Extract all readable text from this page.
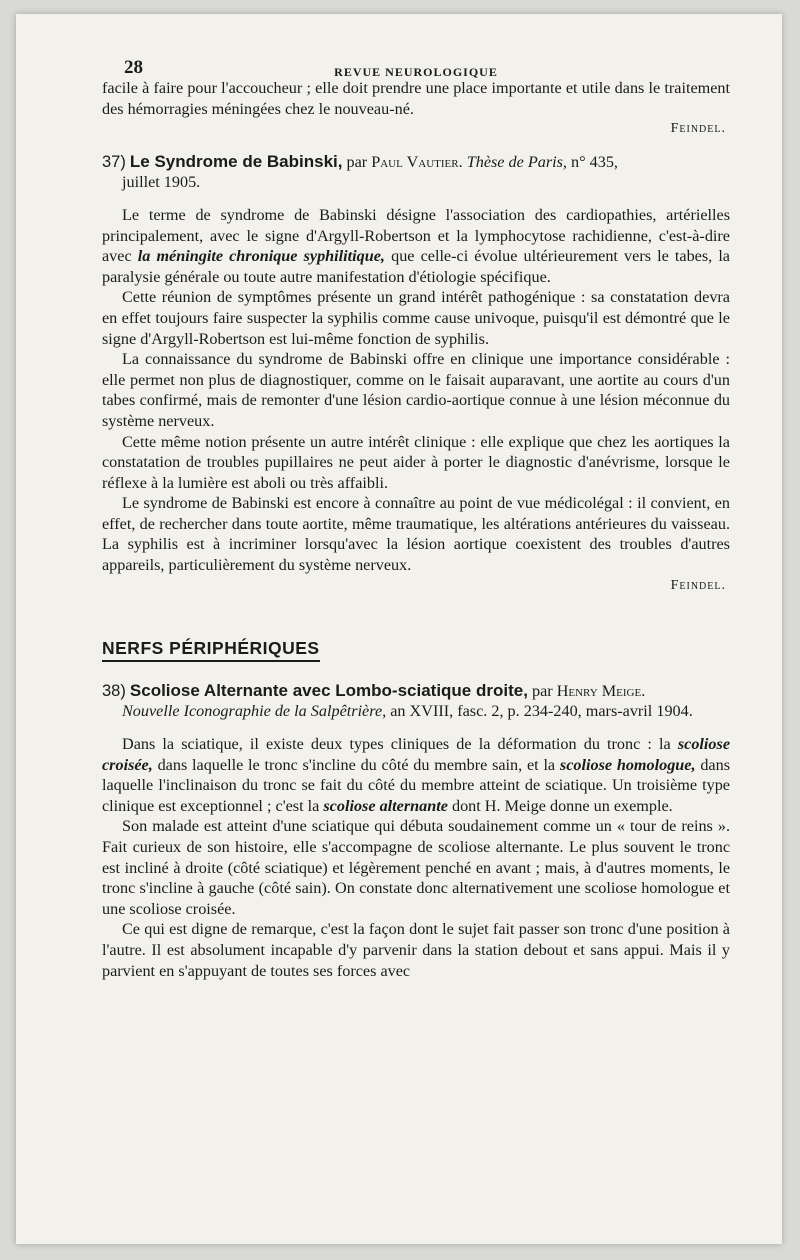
28	REVUE NEUROLOGIQUE

facile à faire pour l'accoucheur ; elle doit prendre une place importante et utile dans le traitement des hémorragies méningées chez le nouveau-né.

Feindel.

37) Le Syndrome de Babinski, par Paul Vautier. Thèse de Paris, n° 435,

juillet 1905.

Le terme de syndrome de Babinski désigne l'association des cardiopathies, artérielles principalement, avec le signe d'Argyll-Robertson et la lymphocytose rachidienne, c'est-à-dire avec la méningite chronique syphilitique, que celle-ci évolue ultérieurement vers le tabes, la paralysie générale ou toute autre manifestation d'étiologie spécifique.

Cette réunion de symptômes présente un grand intérêt pathogénique : sa constatation devra en effet toujours faire suspecter la syphilis comme cause univoque, puisqu'il est démontré que le signe d'Argyll-Robertson est lui-même fonction de syphilis.

La connaissance du syndrome de Babinski offre en clinique une importance considérable : elle permet non plus de diagnostiquer, comme on le faisait auparavant, une aortite au cours d'un tabes confirmé, mais de remonter d'une lésion cardio-aortique connue à une lésion méconnue du système nerveux.

Cette même notion présente un autre intérêt clinique : elle explique que chez les aortiques la constatation de troubles pupillaires ne peut aider à porter le diagnostic d'anévrisme, lorsque le réflexe à la lumière est aboli ou très affaibli.

Le syndrome de Babinski est encore à connaître au point de vue médicolégal : il convient, en effet, de rechercher dans toute aortite, même traumatique, les altérations antérieures du vaisseau. La syphilis est à incriminer lorsqu'avec la lésion aortique coexistent des troubles d'autres appareils, particulièrement du système nerveux.

Feindel.
NERFS PÉRIPHÉRIQUES

38) Scoliose Alternante avec Lombo-sciatique droite, par Henry Meige.

Nouvelle Iconographie de la Salpêtrière, an XVIII, fasc. 2, p. 234-240, mars-avril 1904.

Dans la sciatique, il existe deux types cliniques de la déformation du tronc : la scoliose croisée, dans laquelle le tronc s'incline du côté du membre sain, et la scoliose homologue, dans laquelle l'inclinaison du tronc se fait du côté du membre atteint de sciatique. Un troisième type clinique est exceptionnel ; c'est la scoliose alternante dont H. Meige donne un exemple.

Son malade est atteint d'une sciatique qui débuta soudainement comme un « tour de reins ». Fait curieux de son histoire, elle s'accompagne de scoliose alternante. Le plus souvent le tronc est incliné à droite (côté sciatique) et légèrement penché en avant ; mais, à d'autres moments, le tronc s'incline à gauche (côté sain). On constate donc alternativement une scoliose homologue et une scoliose croisée.

Ce qui est digne de remarque, c'est la façon dont le sujet fait passer son tronc d'une position à l'autre. Il est absolument incapable d'y parvenir dans la station debout et sans appui. Mais il y parvient en s'appuyant de toutes ses forces avec
